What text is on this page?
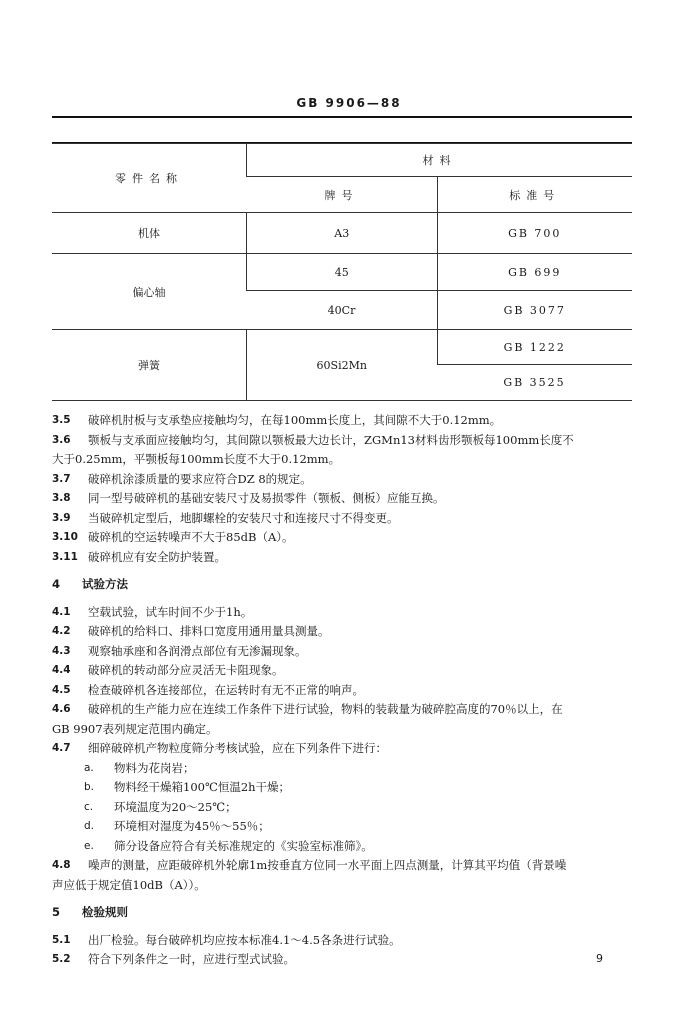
GB 9906—88
零件名称	材料	
	牌号	标准号
机体	A3	GB 700
偏心轴	45	GB 699
	40Cr	GB 3077
弹簧	60Si2Mn	GB 1222
		GB 3525
3.5	破碎机肘板与支承垫应接触均匀，在每100mm长度上，其间隙不大于0.12mm。
3.6	颚板与支承面应接触均匀，其间隙以颚板最大边长计，ZGMn13材料齿形颚板每100mm长度不
大于0.25mm，平颚板每100mm长度不大于0.12mm。
3.7	破碎机涂漆质量的要求应符合DZ 8的规定。
3.8	同一型号破碎机的基础安装尺寸及易损零件（颚板、侧板）应能互换。
3.9	当破碎机定型后，地脚螺栓的安装尺寸和连接尺寸不得变更。
3.10 破碎机的空运转噪声不大于85dB（A）。
3.11 破碎机应有安全防护装置。
4 试验方法
4.1	空载试验，试车时间不少于1h。
4.2	破碎机的给料口、排料口宽度用通用量具测量。
4.3	观察轴承座和各润滑点部位有无渗漏现象。
4.4	破碎机的转动部分应灵活无卡阻现象。
4.5	检查破碎机各连接部位，在运转时有无不正常的响声。
4.6	破碎机的生产能力应在连续工作条件下进行试验，物料的装载量为破碎腔高度的70％以上，在
GB 9907表列规定范围内确定。
4.7	细碎破碎机产物粒度筛分考核试验，应在下列条件下进行：
a.	物料为花岗岩；
b.	物料经干燥箱100℃恒温2h干燥；
c.	环境温度为20～25℃；
d.	环境相对湿度为45％～55％；
e.	筛分设备应符合有关标准规定的《实验室标准筛》。
4.8	噪声的测量，应距破碎机外轮廓1m按垂直方位同一水平面上四点测量，计算其平均值（背景噪
声应低于规定值10dB（A））。
5 检验规则
5.1	出厂检验。每台破碎机均应按本标准4.1～4.5各条进行试验。
5.2	符合下列条件之一时，应进行型式试验。	9
